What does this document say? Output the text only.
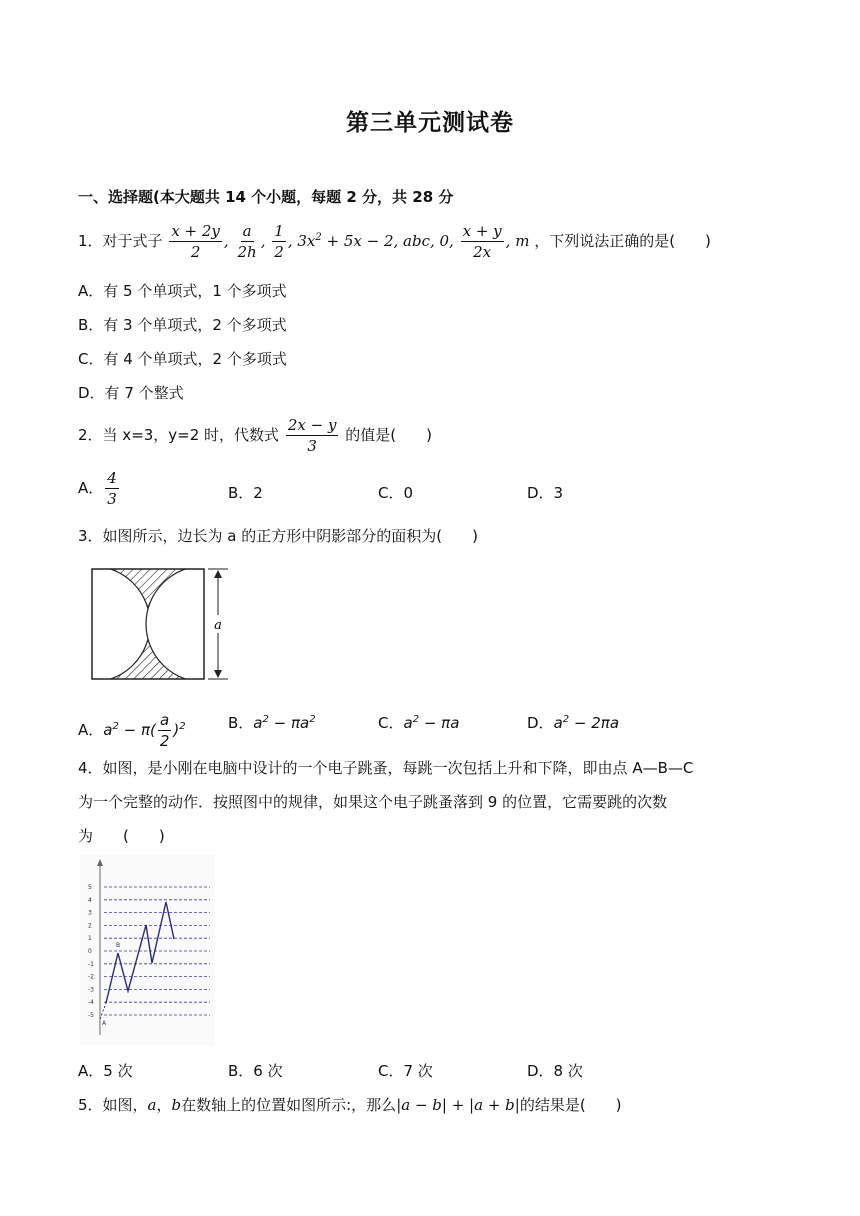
第三单元测试卷
一、选择题(本大题共 14 个小题，每题 2 分，共 28 分
1．对于式子 $\frac{x + 2y}{2}$ , $\frac{a}{2h}$ , $\frac{1}{2}$ , $3x^2 + 5x - 2$, abc, 0, $\frac{x + y}{2x}$ , m ，下列说法正确的是(　　)
A．有 5 个单项式，1 个多项式
B．有 3 个单项式，2 个多项式
C．有 4 个单项式，2 个多项式
D．有 7 个整式
2．当 x=3，y=2 时，代数式 $\frac{2x - y}{3}$ 的值是(　　)
A． $\frac{4}{3}$	B．2	C．0	D．3
3．如图所示，边长为 a 的正方形中阴影部分的面积为(　　)
a
A．$a^2 - \pi( \frac{a}{2} )^2$	B．$a^2 - \pi a^2$	C．$a^2 - \pi a$	D．$a^2 - 2\pi a$
4．如图，是小刚在电脑中设计的一个电子跳蚤，每跳一次包括上升和下降，即由点 A—B—C
为一个完整的动作．按照图中的规律，如果这个电子跳蚤落到 9 的位置，它需要跳的次数
为　　(　　)
5
4
3
2
1
0
-1
-2
-3
-4
-5
A
B
A．5 次	B．6 次	C．7 次	D．8 次
5．如图，a，b在数轴上的位置如图所示:，那么|a − b| + |a + b|的结果是(　　)
